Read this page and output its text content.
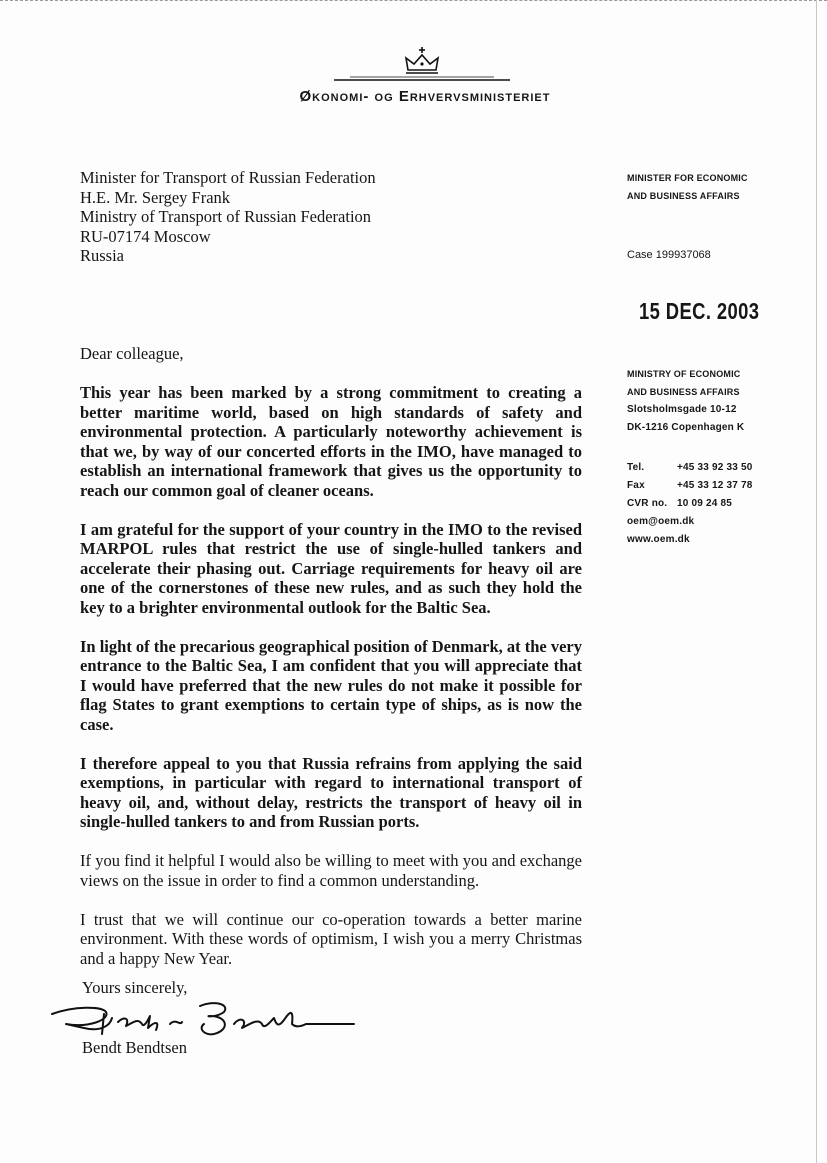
Økonomi- og Erhvervsministeriet
Minister for Transport of Russian Federation
H.E. Mr. Sergey Frank
Ministry of Transport of Russian Federation
RU-07174 Moscow
Russia
MINISTER FOR ECONOMIC
AND BUSINESS AFFAIRS
Case 199937068
15 DEC. 2003
MINISTRY OF ECONOMIC
AND BUSINESS AFFAIRS
Slotsholmsgade 10-12
DK-1216 Copenhagen K
Tel.	+45 33 92 33 50
Fax	+45 33 12 37 78
CVR no. 10 09 24 85
oem@oem.dk
www.oem.dk
Dear colleague,

This year has been marked by a strong commitment to creating a better maritime world, based on high standards of safety and environmental protection. A particularly noteworthy achievement is that we, by way of our concerted efforts in the IMO, have managed to establish an international framework that gives us the opportunity to reach our common goal of cleaner oceans.

I am grateful for the support of your country in the IMO to the revised MARPOL rules that restrict the use of single-hulled tankers and accelerate their phasing out. Carriage requirements for heavy oil are one of the cornerstones of these new rules, and as such they hold the key to a brighter environmental outlook for the Baltic Sea.

In light of the precarious geographical position of Denmark, at the very entrance to the Baltic Sea, I am confident that you will appreciate that I would have preferred that the new rules do not make it possible for flag States to grant exemptions to certain type of ships, as is now the case.

I therefore appeal to you that Russia refrains from applying the said exemptions, in particular with regard to international transport of heavy oil, and, without delay, restricts the transport of heavy oil in single-hulled tankers to and from Russian ports.

If you find it helpful I would also be willing to meet with you and exchange views on the issue in order to find a common understanding.

I trust that we will continue our co-operation towards a better marine environment. With these words of optimism, I wish you a merry Christmas and a happy New Year.

Yours sincerely,
Bendt Bendtsen
